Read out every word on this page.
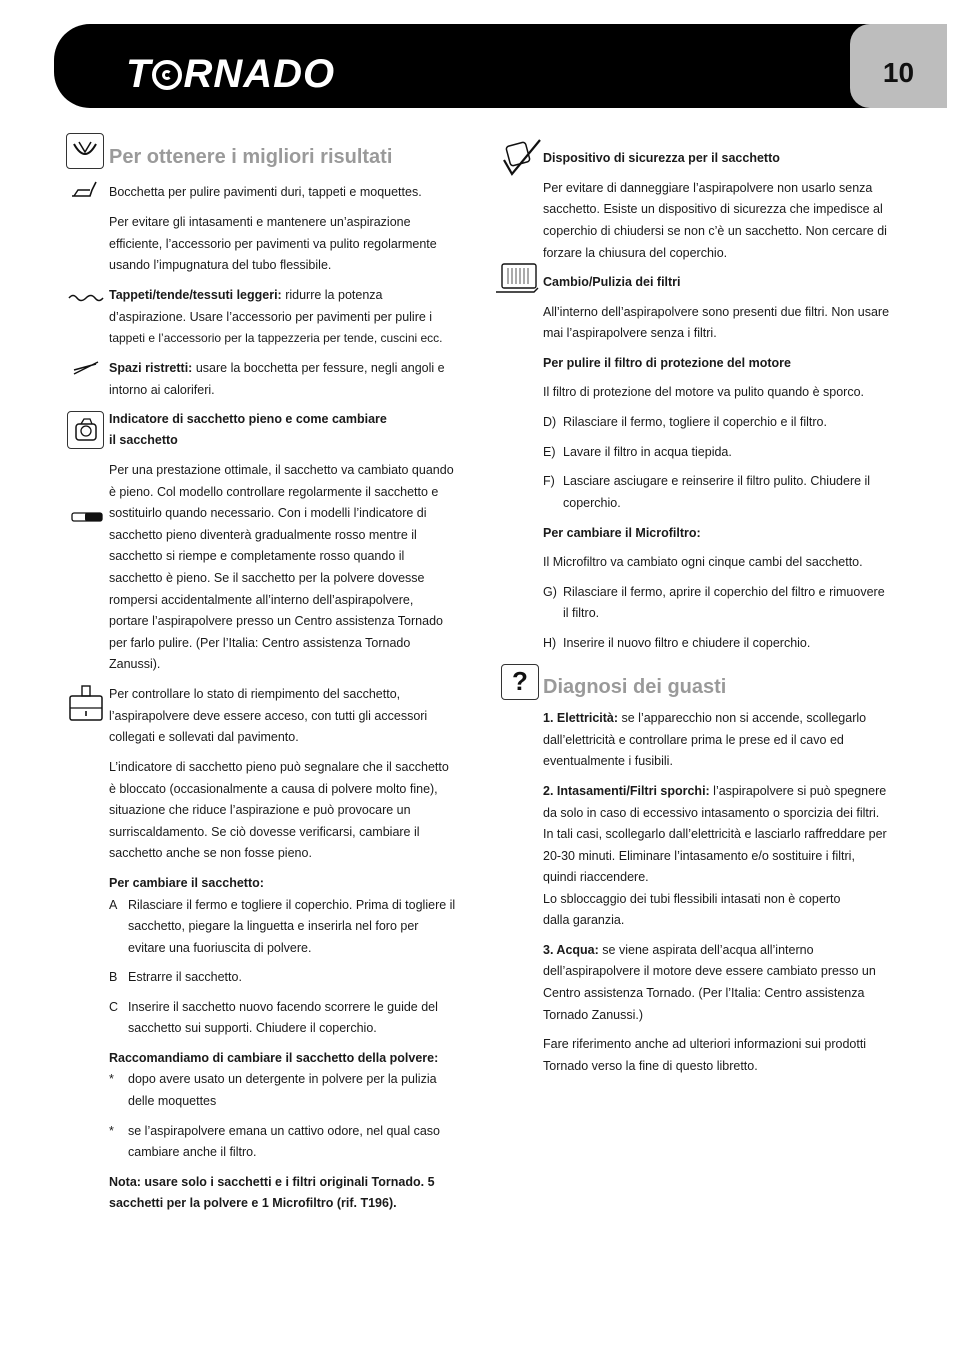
T RNADO	10
Per ottenere i migliori risultati
Bocchetta per pulire pavimenti duri, tappeti e moquettes.
Per evitare gli intasamenti e mantenere un’aspirazione
efficiente, l’accessorio per pavimenti va pulito regolarmente
usando l’impugnatura del tubo flessibile.
Tappeti/tende/tessuti leggeri: ridurre la potenza
d’aspirazione. Usare l’accessorio per pavimenti per pulire i
tappeti e l’accessorio per la tappezzeria per tende, cuscini ecc.
Spazi ristretti: usare la bocchetta per fessure, negli angoli e
intorno ai caloriferi.
Indicatore di sacchetto pieno e come cambiare
il sacchetto
Per una prestazione ottimale, il sacchetto va cambiato quando
è pieno. Col modello controllare regolarmente il sacchetto e
sostituirlo quando necessario. Con i modelli l’indicatore di
sacchetto pieno diventerà gradualmente rosso mentre il
sacchetto si riempe e completamente rosso quando il
sacchetto è pieno. Se il sacchetto per la polvere dovesse
rompersi accidentalmente all’interno dell’aspirapolvere,
portare l’aspirapolvere presso un Centro assistenza Tornado
per farlo pulire. (Per l’Italia: Centro assistenza Tornado
Zanussi).
Per controllare lo stato di riempimento del sacchetto,
l’aspirapolvere deve essere acceso, con tutti gli accessori
collegati e sollevati dal pavimento.
L’indicatore di sacchetto pieno può segnalare che il sacchetto
è bloccato (occasionalmente a causa di polvere molto fine),
situazione che riduce l’aspirazione e può provocare un
surriscaldamento. Se ciò dovesse verificarsi, cambiare il
sacchetto anche se non fosse pieno.
Per cambiare il sacchetto:
A Rilasciare il fermo e togliere il coperchio. Prima di togliere il
sacchetto, piegare la linguetta e inserirla nel foro per
evitare una fuoriuscita di polvere.
B Estrarre il sacchetto.
C Inserire il sacchetto nuovo facendo scorrere le guide del
sacchetto sui supporti. Chiudere il coperchio.
Raccomandiamo di cambiare il sacchetto della polvere:
* dopo avere usato un detergente in polvere per la pulizia
delle moquettes
* se l’aspirapolvere emana un cattivo odore, nel qual caso
cambiare anche il filtro.
Nota: usare solo i sacchetti e i filtri originali Tornado. 5
sacchetti per la polvere e 1 Microfiltro (rif. T196).
Dispositivo di sicurezza per il sacchetto
Per evitare di danneggiare l’aspirapolvere non usarlo senza
sacchetto. Esiste un dispositivo di sicurezza che impedisce al
coperchio di chiudersi se non c’è un sacchetto. Non cercare di
forzare la chiusura del coperchio.
Cambio/Pulizia dei filtri
All’interno dell’aspirapolvere sono presenti due filtri. Non usare
mai l’aspirapolvere senza i filtri.
Per pulire il filtro di protezione del motore
Il filtro di protezione del motore va pulito quando è sporco.
D) Rilasciare il fermo, togliere il coperchio e il filtro.
E) Lavare il filtro in acqua tiepida.
F) Lasciare asciugare e reinserire il filtro pulito. Chiudere il
coperchio.
Per cambiare il Microfiltro:
Il Microfiltro va cambiato ogni cinque cambi del sacchetto.
G) Rilasciare il fermo, aprire il coperchio del filtro e rimuovere
il filtro.
H) Inserire il nuovo filtro e chiudere il coperchio.
? Diagnosi dei guasti
1. Elettricità: se l’apparecchio non si accende, scollegarlo
dall’elettricità e controllare prima le prese ed il cavo ed
eventualmente i fusibili.
2. Intasamenti/Filtri sporchi: l’aspirapolvere si può spegnere
da solo in caso di eccessivo intasamento o sporcizia dei filtri.
In tali casi, scollegarlo dall’elettricità e lasciarlo raffreddare per
20-30 minuti. Eliminare l’intasamento e/o sostituire i filtri,
quindi riaccendere.
Lo sbloccaggio dei tubi flessibili intasati non è coperto
dalla garanzia.
3. Acqua: se viene aspirata dell’acqua all’interno
dell’aspirapolvere il motore deve essere cambiato presso un
Centro assistenza Tornado. (Per l’Italia: Centro assistenza
Tornado Zanussi.)
Fare riferimento anche ad ulteriori informazioni sui prodotti
Tornado verso la fine di questo libretto.
